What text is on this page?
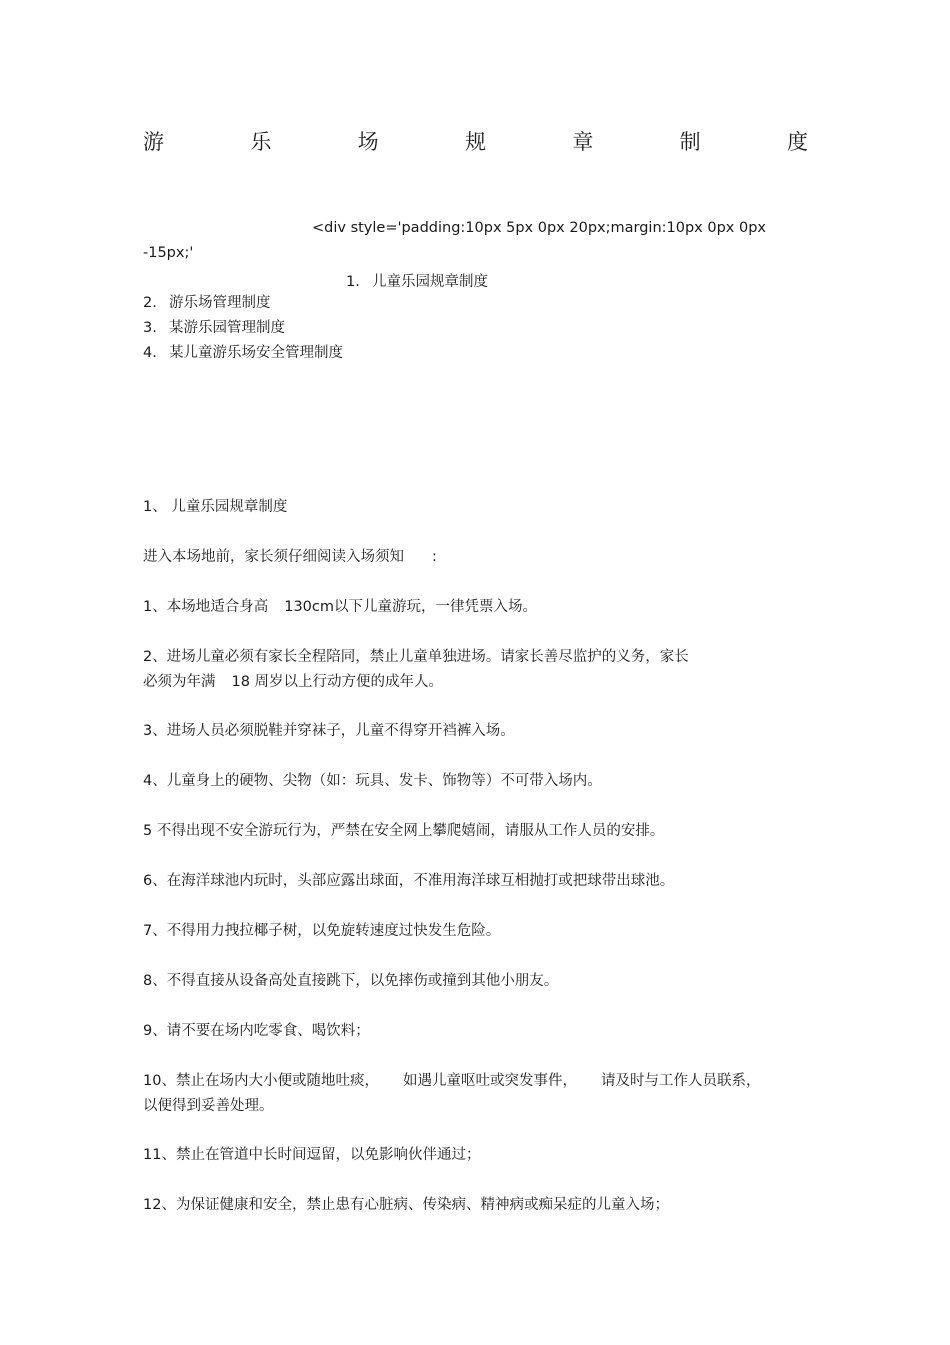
游	乐	场	规	章	制	度
<div style='padding:10px 5px 0px 20px;margin:10px 0px 0px
-15px;'
1. 儿童乐园规章制度
2. 游乐场管理制度
3. 某游乐园管理制度
4. 某儿童游乐场安全管理制度
1、 儿童乐园规章制度
进入本场地前，家长须仔细阅读入场须知 :
1、本场地适合身高 130cm以下儿童游玩，一律凭票入场。
2、进场儿童必须有家长全程陪同，禁止儿童单独进场。请家长善尽监护的义务，家长
必须为年满 18 周岁以上行动方便的成年人。
3、进场人员必须脱鞋并穿袜子，儿童不得穿开裆裤入场。
4、儿童身上的硬物、尖物（如：玩具、发卡、饰物等）不可带入场内。
5 不得出现不安全游玩行为，严禁在安全网上攀爬嬉闹，请服从工作人员的安排。
6、在海洋球池内玩时，头部应露出球面，不准用海洋球互相抛打或把球带出球池。
7、不得用力拽拉椰子树，以免旋转速度过快发生危险。
8、不得直接从设备高处直接跳下，以免摔伤或撞到其他小朋友。
9、请不要在场内吃零食、喝饮料；
10、禁止在场内大小便或随地吐痰， 如遇儿童呕吐或突发事件， 请及时与工作人员联系，
以便得到妥善处理。
11、禁止在管道中长时间逗留，以免影响伙伴通过；
12、为保证健康和安全，禁止患有心脏病、传染病、精神病或痴呆症的儿童入场；
